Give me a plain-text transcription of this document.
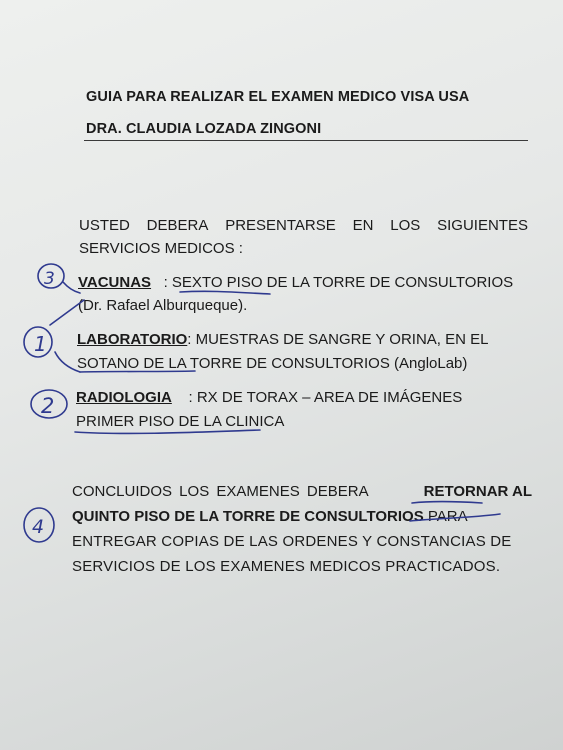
GUIA PARA REALIZAR EL EXAMEN MEDICO VISA USA
DRA. CLAUDIA LOZADA ZINGONI
USTED DEBERA PRESENTARSE EN LOS SIGUIENTES
SERVICIOS MEDICOS :
VACUNAS : SEXTO PISO DE LA TORRE DE CONSULTORIOS
(Dr. Rafael Alburqueque).
LABORATORIO: MUESTRAS DE SANGRE Y ORINA, EN EL
SOTANO DE LA TORRE DE CONSULTORIOS (AngloLab)
RADIOLOGIA : RX DE TORAX – AREA DE IMÁGENES
PRIMER PISO DE LA CLINICA
CONCLUIDOS LOS EXAMENES DEBERA	RETORNAR AL
QUINTO PISO DE LA TORRE DE CONSULTORIOS PARA
ENTREGAR COPIAS DE LAS ORDENES Y CONSTANCIAS DE
SERVICIOS DE LOS EXAMENES MEDICOS PRACTICADOS.
3
1
2
4
